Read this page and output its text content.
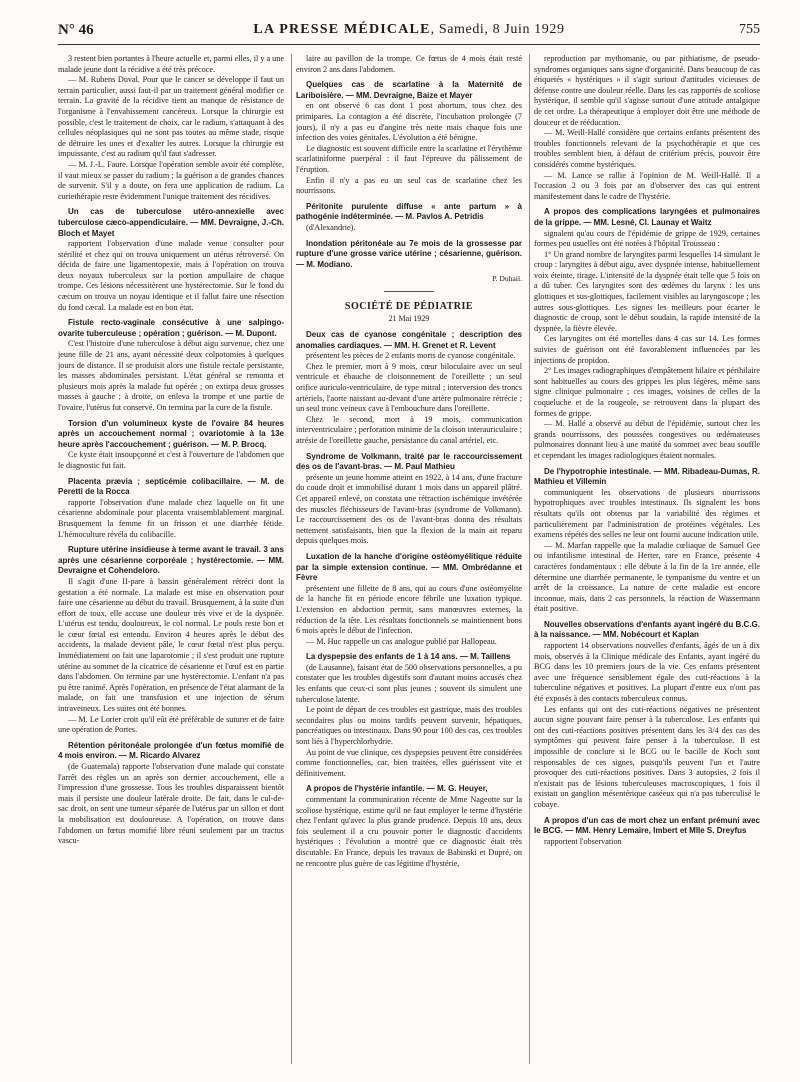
N° 46	LA PRESSE MÉDICALE, Samedi, 8 Juin 1929	755

3 restent bien portantes à l'heure actuelle et, parmi elles, il y a une malade jeune dont la récidive a été très précoce.

— M. Rubens Duval. Pour que le cancer se développe il faut un terrain particulier, aussi faut-il par un traitement général modifier ce terrain. La gravité de la récidive tient au manque de résistance de l'organisme à l'envahissement cancéreux. Lorsque la chirurgie est possible, c'est le traitement de choix, car le radium, s'attaquant à des cellules néoplasiques qui ne sont pas toutes au même stade, risque de détruire les unes et d'exalter les autres. Lorsque la chirurgie est impuissante, c'est au radium qu'il faut s'adresser.

— M. J.-L. Faure. Lorsque l'opération semble avoir été complète, il vaut mieux se passer du radium ; la guérison a de grandes chances de survenir. S'il y a doute, on fera une application de radium. La curiethérapie reste évidemment l'unique traitement des récidives.

Un cas de tuberculose utéro-annexielle avec tuberculose cæco-appendiculaire. — MM. Devraigne, J.-Ch. Bloch et Mayet

rapportent l'observation d'une malade venue consulter pour stérilité et chez qui on trouva uniquement un utérus rétroversé. On décida de faire une ligamentopexie, mais à l'opération on trouva deux noyaux tuberculeux sur la portion ampullaire de chaque trompe. Ces lésions nécessitèrent une hystérectomie. Sur le fond du cæcum on trouva un noyau identique et il fallut faire une résection du fond cæcal. La malade est en bon état.

Fistule recto-vaginale consécutive à une salpingo-ovarite tuberculeuse ; opération ; guérison. — M. Dupont.

C'est l'histoire d'une tuberculose à début aigu survenue, chez une jeune fille de 21 ans, ayant nécessité deux colpotomies à quelques jours de distance. Il se produisit alors une fistule rectale persistante, les masses abdominales persistant. L'état général se remonta et plusieurs mois après la malade fut opérée ; on extirpa deux grosses masses à gauche ; à droite, on enleva la trompe et une partie de l'ovaire, l'utérus fut conservé. On termina par la cure de la fistule.

Torsion d'un volumineux kyste de l'ovaire 84 heures après un accouchement normal ; ovariotomie à la 13e heure après l'accouchement ; guérison. — M. P. Brocq.

Ce kyste était insoupçonné et c'est à l'ouverture de l'abdomen que le diagnostic fut fait.

Placenta prævia ; septicémie colibacillaire. — M. de Peretti de la Rocca

rapporte l'observation d'une malade chez laquelle on fit une césarienne abdominale pour placenta vraisemblablement marginal. Brusquement la femme fit un frisson et une diarrhée fétide. L'hémoculture révéla du colibacille.

Rupture utérine insidieuse à terme avant le travail. 3 ans après une césarienne corporéale ; hystérectomie. — MM. Devraigne et Cohendeloro.

Il s'agit d'une II-pare à bassin généralement rétréci dont la gestation a été normale. La malade est mise en observation pour faire une césarienne au début du travail. Brusquement, à la suite d'un effort de toux, elle accuse une douleur très vive et de la dyspnée. L'utérus est tendu, douloureux, le col normal. Le pouls reste bon et le cœur fœtal est entendu. Environ 4 heures après le début des accidents, la malade devient pâle, le cœur fœtal n'est plus perçu. Immédiatement on fait une laparotomie ; il s'est produit une rupture utérine au sommet de la cicatrice de césarienne et l'œuf est en partie dans l'abdomen. On termine par une hystérectomie. L'enfant n'a pas pu être ranimé. Après l'opération, en présence de l'état alarmant de la malade, on fait une transfusion et une injection de sérum intraveineux. Les suites ont été bonnes.

— M. Le Lorier croit qu'il eût été préférable de suturer et de faire une opération de Portes.

Rétention péritonéale prolongée d'un fœtus momifié de 4 mois environ. — M. Ricardo Alvarez

(de Guatemala) rapporte l'observation d'une malade qui constate l'arrêt des règles un an après son dernier accouchement, elle a l'impression d'une grossesse. Tous les troubles disparaissent bientôt mais il persiste une douleur latérale droite. De fait, dans le cul-de-sac droit, on sent une tumeur séparée de l'utérus par un sillon et dont la mobilisation est douloureuse. A l'opération, on trouve dans l'abdomen un fœtus momifié libre réuni seulement par un tractus vascu-

laire au pavillon de la trompe. Ce fœtus de 4 mois était resté environ 2 ans dans l'abdomen.

Quelques cas de scarlatine à la Maternité de Lariboisière. — MM. Devraigne, Baize et Mayer

en ont observé 6 cas dont 1 post abortum, tous chez des primipares. La contagion a été discrète, l'incubation prolongée (7 jours), il n'y a pas eu d'angine très nette mais chaque fois une infection des voies génitales. L'évolution a été bénigne.

Le diagnostic est souvent difficile entre la scarlatine et l'érythème scarlatiniforme puerpéral : il faut l'épreuve du pâlissement de l'éruption.

Enfin il n'y a pas eu un seul cas de scarlatine chez les nourrissons.

Péritonite purulente diffuse « ante partum » à pathogénie indéterminée. — M. Pavlos A. Petridis

(d'Alexandrie).

Inondation péritonéale au 7e mois de la grossesse par rupture d'une grosse varice utérine ; césarienne, guérison. — M. Modiano.

P. Duhail.

SOCIÉTÉ DE PÉDIATRIE

21 Mai 1929

Deux cas de cyanose congénitale ; description des anomalies cardiaques. — MM. H. Grenet et R. Levent

présentent les pièces de 2 enfants morts de cyanose congénitale.

Chez le premier, mort à 9 mois, cœur biloculaire avec un seul ventricule et ébauche de cloisonnement de l'oreillette ; un seul orifice auriculo-ventriculaire, de type mitral ; interversion des troncs artériels, l'aorte naissant au-devant d'une artère pulmonaire rétrécie ; un seul tronc veineux cave à l'embouchure dans l'oreillette.

Chez le second, mort à 19 mois, communication interventriculaire ; perforation minime de la cloison interauriculaire ; atrésie de l'oreillette gauche, persistance du canal artériel, etc.

Syndrome de Volkmann, traité par le raccourcissement des os de l'avant-bras. — M. Paul Mathieu

présente un jeune homme atteint en 1922, à 14 ans, d'une fracture du coude droit et immobilisé durant 1 mois dans un appareil plâtré. Cet appareil enlevé, on constata une rétraction ischémique invétérée des muscles fléchisseurs de l'avant-bras (syndrome de Volkmann). Le raccourcissement des os de l'avant-bras donna des résultats nettement satisfaisants, bien que la flexion de la main ait reparu depuis quelques mois.

Luxation de la hanche d'origine ostéomyélitique réduite par la simple extension continue. — MM. Ombrédanne et Fèvre

présentent une fillette de 8 ans, qui au cours d'une ostéomyélite de la hanche fit en période encore fébrile une luxation typique. L'extension en abduction permit, sans manœuvres externes, la réduction de la tête. Les résultats fonctionnels se maintiennent bons 6 mois après le début de l'infection.

— M. Huc rappelle un cas analogue publié par Hallopeau.

La dyspepsie des enfants de 1 à 14 ans. — M. Taillens

(de Lausanne), faisant état de 500 observations personnelles, a pu constater que les troubles digestifs sont d'autant moins accusés chez les enfants que ceux-ci sont plus jeunes ; souvent ils simulent une tuberculose latente.

Le point de départ de ces troubles est gastrique, mais des troubles secondaires plus ou moins tardifs peuvent survenir, hépatiques, pancréatiques ou intestinaux. Dans 90 pour 100 des cas, ces troubles sont liés à l'hyperchlorhydrie.

Au point de vue clinique, ces dyspepsies peuvent être considérées comme fonctionnelles, car, bien traitées, elles guérissent vite et définitivement.

A propos de l'hystérie infantile. — M. G. Heuyer,

commentant la communication récente de Mme Nageotte sur la scoliose hystérique, estime qu'il ne faut employer le terme d'hystérie chez l'enfant qu'avec la plus grande prudence. Depuis 10 ans, deux fois seulement il a cru pouvoir porter le diagnostic d'accidents hystériques : l'évolution a montré que ce diagnostic était très discutable. En France, depuis les travaux de Babinski et Dupré, on ne rencontre plus guère de cas légitime d'hystérie,

reproduction par mythomanie, ou par pithiatisme, de pseudo-syndromes organiques sans signe d'organicité. Dans beaucoup de cas étiquetés « hystériques » il s'agit surtout d'attitudes vicieuses de défense contre une douleur réelle. Dans les cas rapportés de scoliose hystérique, il semble qu'il s'agisse surtout d'une attitude antalgique de cet ordre. La thérapeutique à employer doit être une méthode de douceur et de rééducation.

— M. Weill-Hallé considère que certains enfants présentent des troubles fonctionnels relevant de la psychothérapie et que ces troubles semblent bien, à défaut de critérium précis, pouvoir être considérés comme hystériques.

— M. Lance se rallie à l'opinion de M. Weill-Hallé. Il a l'occasion 2 ou 3 fois par an d'observer des cas qui entrent manifestement dans le cadre de l'hystérie.

A propos des complications laryngées et pulmonaires de la grippe. — MM. Lesné, Cl. Launay et Waitz

signalent qu'au cours de l'épidémie de grippe de 1929, certaines formes peu usuelles ont été notées à l'hôpital Trousseau :

1° Un grand nombre de laryngites parmi lesquelles 14 simulant le croup : laryngites à début aigu, avec dyspnée intense, habituellement voix éteinte, tirage. L'intensité de la dyspnée était telle que 5 fois on a dû tuber. Ces laryngites sont des œdèmes du larynx : les uns glottiques et sus-glottiques, facilement visibles au laryngoscope ; les autres sous-glottiques. Les signes les meilleurs pour écarter le diagnostic de croup, sont le début soudain, la rapide intensité de la dyspnée, la fièvre élevée.

Ces laryngites ont été mortelles dans 4 cas sur 14. Les formes suivies de guérison ont été favorablement influencées par les injections de propidon.

2° Les images radiographiques d'empâtement hilaire et périhilaire sont habituelles au cours des grippes les plus légères, même sans signe clinique pulmonaire ; ces images, voisines de celles de la coqueluche et de la rougeole, se retrouvent dans la plupart des formes de grippe.

— M. Hallé a observé au début de l'épidémie, surtout chez les grands nourrissons, des poussées congestives ou œdémateuses pulmonaires donnant lieu à une matité du sommet avec beau souffle et cependant les images radiologiques étaient normales.

De l'hypotrophie intestinale. — MM. Ribadeau-Dumas, R. Mathieu et Villemin

communiquent les observations de plusieurs nourrissons hypotrophiques avec troubles intestinaux. Ils signalent les bons résultats qu'ils ont obtenus par la variabilité des régimes et particulièrement par l'administration de protéines végétales. Les examens répétés des selles ne leur ont fourni aucune indication utile.

— M. Marfan rappelle que la maladie cœliaque de Samuel Gee ou infantilisme intestinal de Herter, rare en France, présente 4 caractères fondamentaux : elle débute à la fin de la 1re année, elle détermine une diarrhée permanente, le tympanisme du ventre et un arrêt de la croissance. La nature de cette maladie est encore inconnue, mais, dans 2 cas personnels, la réaction de Wassermann était positive.

Nouvelles observations d'enfants ayant ingéré du B.C.G. à la naissance. — MM. Nobécourt et Kaplan

rapportent 14 observations nouvelles d'enfants, âgés de un à dix mois, observés à la Clinique médicale des Enfants, ayant ingéré du BCG dans les 10 premiers jours de la vie. Ces enfants présentent avec une fréquence sensiblement égale des cuti-réactions à la tuberculine négatives et positives. La plupart d'entre eux n'ont pas été exposés à des contacts tuberculeux connus.

Les enfants qui ont des cuti-réactions négatives ne présentent aucun signe pouvant faire penser à la tuberculose. Les enfants qui ont des cuti-réactions positives présentent dans les 3/4 des cas des symptômes qui peuvent faire penser à la tuberculose. Il est impossible de conclure si le BCG ou le bacille de Koch sont responsables de ces signes, puisqu'ils peuvent l'un et l'autre provoquer des cuti-réactions positives. Dans 3 autopsies, 2 fois il n'existait pas de lésions tuberculeuses macroscopiques, 1 fois il existait un ganglion mésentérique caséeux qui n'a pas tuberculisé le cobaye.

A propos d'un cas de mort chez un enfant prémuni avec le BCG. — MM. Henry Lemaire, Imbert et Mlle S. Dreyfus

rapportent l'observation
